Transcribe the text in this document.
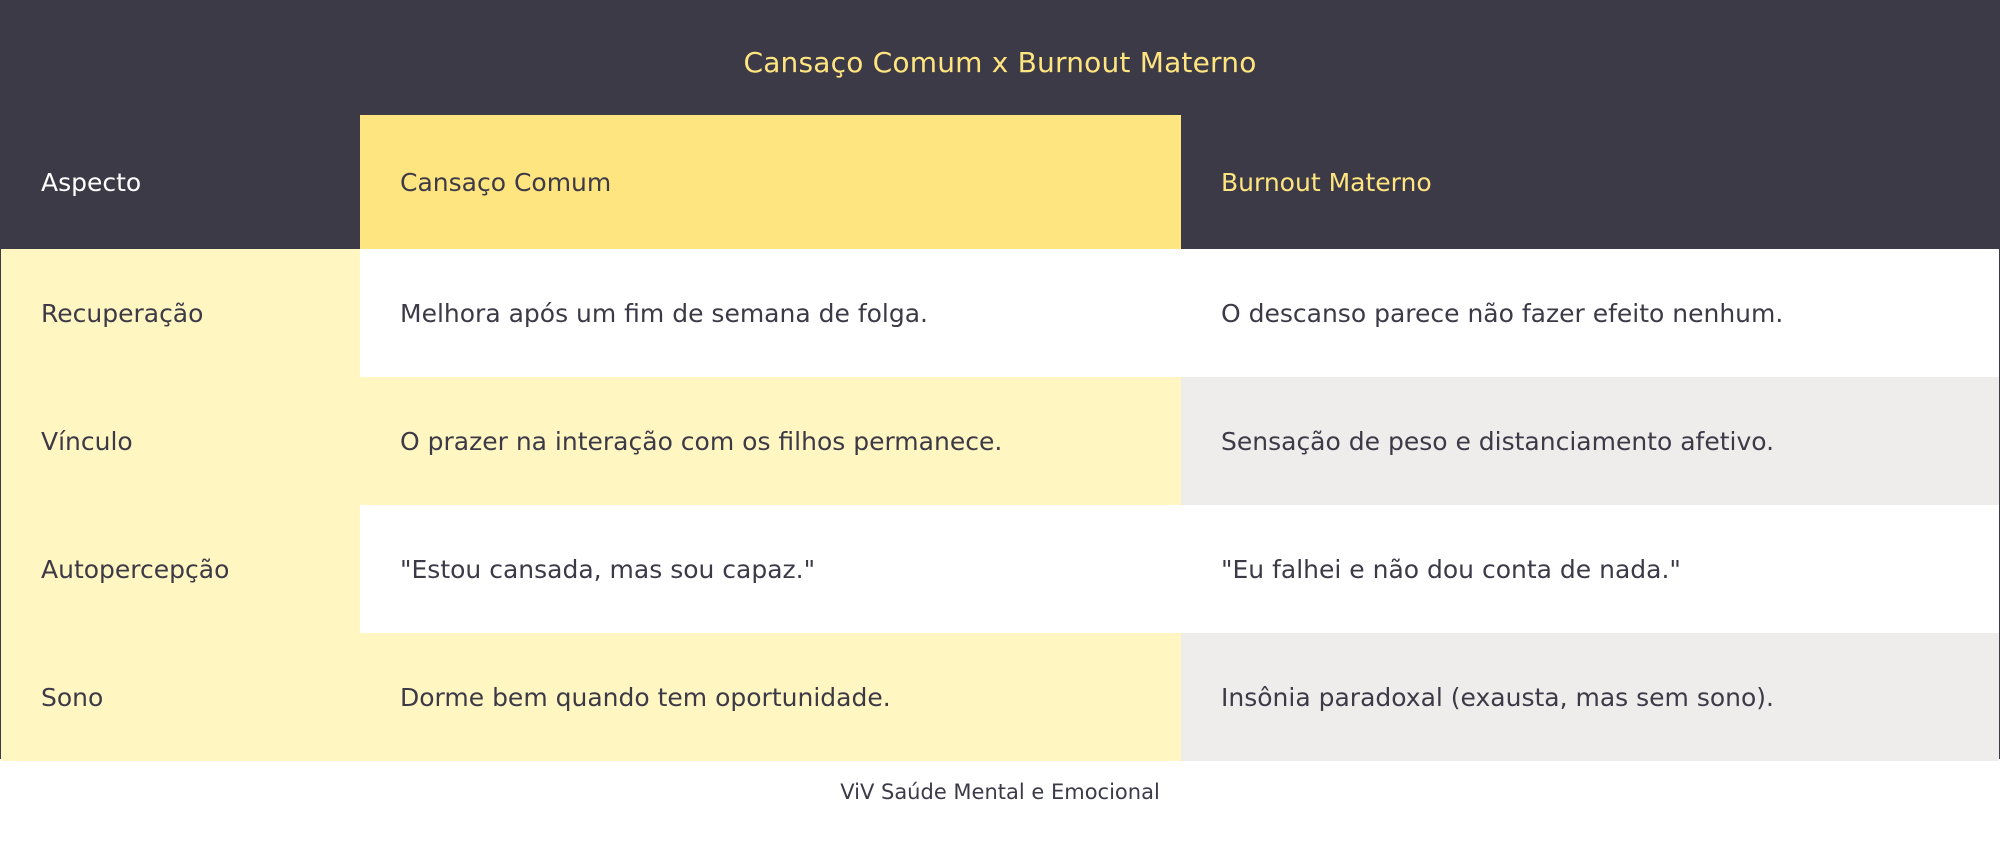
Cansaço Comum x Burnout Materno
Aspecto	Cansaço Comum	Burnout Materno
Recuperação	Melhora após um fim de semana de folga.	O descanso parece não fazer efeito nenhum.
Vínculo	O prazer na interação com os filhos permanece.	Sensação de peso e distanciamento afetivo.
Autopercepção	"Estou cansada, mas sou capaz."	"Eu falhei e não dou conta de nada."
Sono	Dorme bem quando tem oportunidade.	Insônia paradoxal (exausta, mas sem sono).
ViV Saúde Mental e Emocional
